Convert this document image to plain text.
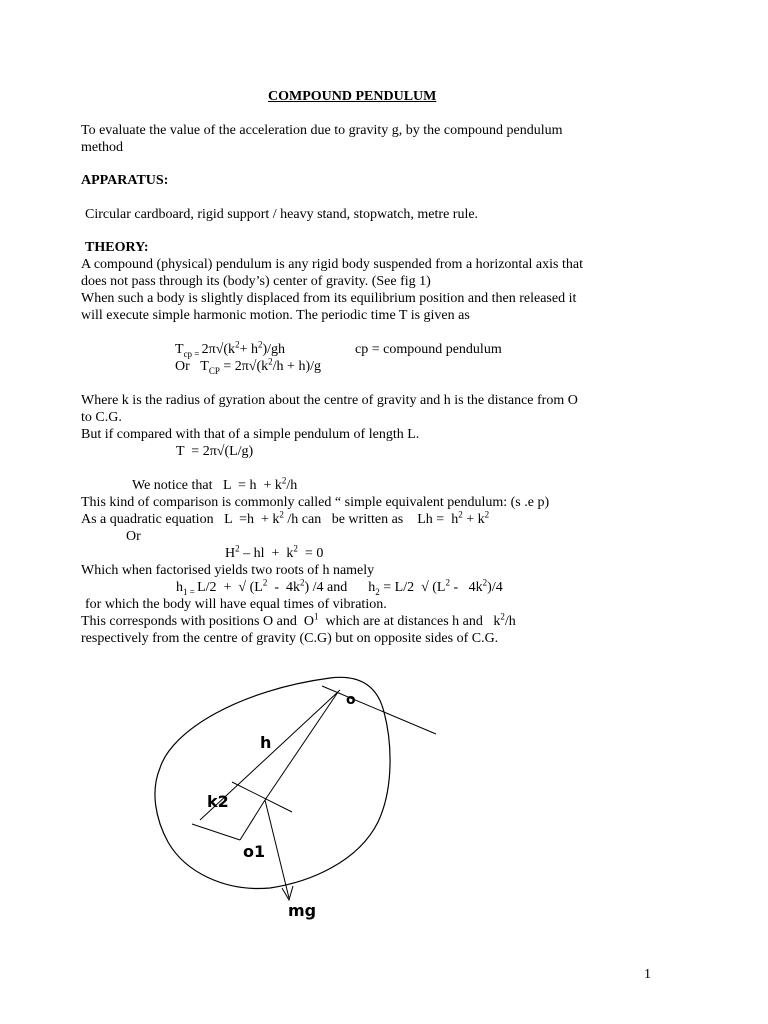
COMPOUND PENDULUM
To evaluate the value of the acceleration due to gravity g, by the compound pendulum
method
APPARATUS:
Circular cardboard, rigid support / heavy stand, stopwatch, metre rule.
THEORY:
A compound (physical) pendulum is any rigid body suspended from a horizontal axis that
does not pass through its (body’s) center of gravity. (See fig 1)
When such a body is slightly displaced from its equilibrium position and then released it
will execute simple harmonic motion. The periodic time T is given as
$T_{cp =}$ $2\pi√(k^2+ h^2)/gh$	cp = compound pendulum
Or   $T_{CP} = 2\pi√(k^2/h + h)/g$
Where k is the radius of gyration about the centre of gravity and h is the distance from O
to C.G.
But if compared with that of a simple pendulum of length L.
T  = 2π√(L/g)
We notice that   $L = h + k^2/h$
This kind of comparison is commonly called “ simple equivalent pendulum: (s .e p)
As a quadratic equation   $L =h + k^2$ /h can   be written as    $Lh = h^2 + k^2$
Or
$H^2$ – hl  +  $k^2 = 0$
Which when factorised yields two roots of h namely
$h_{1 =}$ L/2  +  √ $(L^2 - 4k^2)$ /4 and      $h_2 = L/2$  √ $(L^2 - 4k^2)/4$
for which the body will have equal times of vibration.
This corresponds with positions O and  $O^1$ which are at distances h and   $k^2/h$
respectively from the centre of gravity (C.G) but on opposite sides of C.G.
o
h
k2
o1
mg
1
